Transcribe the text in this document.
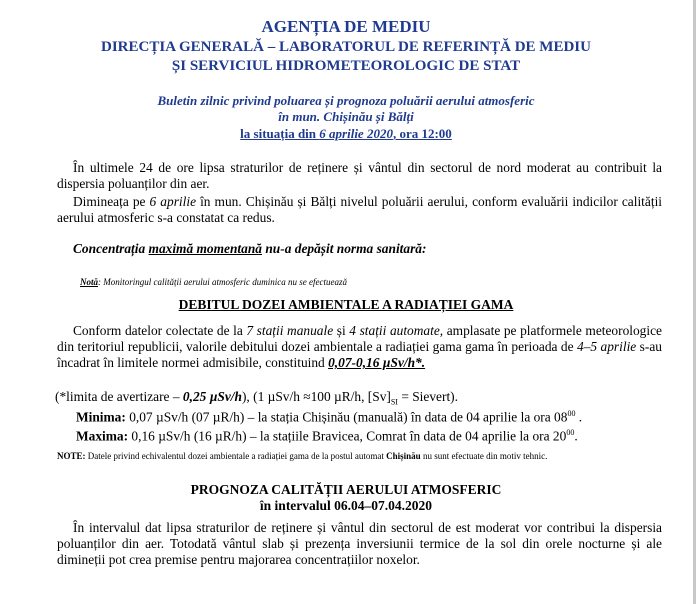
AGENȚIA DE MEDIU
DIRECȚIA GENERALĂ – LABORATORUL DE REFERINȚĂ DE MEDIU
ȘI SERVICIUL HIDROMETEOROLOGIC DE STAT
Buletin zilnic privind poluarea și prognoza poluării aerului atmosferic
în mun. Chișinău și Bălți
la situația din 6 aprilie 2020, ora 12:00
În ultimele 24 de ore lipsa straturilor de reținere și vântul din sectorul de nord moderat au contribuit la dispersia poluanților din aer.
Dimineața pe 6 aprilie în mun. Chișinău și Bălți nivelul poluării aerului, conform evaluării indicilor calității aerului atmosferic s-a constatat ca redus.
Concentrația maximă momentană nu-a depășit norma sanitară:
Notă: Monitoringul calității aerului atmosferic duminica nu se efectuează
DEBITUL DOZEI AMBIENTALE A RADIAȚIEI GAMA
Conform datelor colectate de la 7 stații manuale și 4 stații automate, amplasate pe platformele meteorologice din teritoriul republicii, valorile debitului dozei ambientale a radiației gama gama în perioada de 4–5 aprilie s-au încadrat în limitele normei admisibile, constituind 0,07-0,16 µSv/h*.
(*limita de avertizare – 0,25 µSv/h), (1 µSv/h ≈100 µR/h, $[Sv]_{SI}$ = Sievert).
Minima: 0,07 µSv/h (07 µR/h) – la stația Chișinău (manuală) în data de 04 aprilie la ora $08^{00}$ .
Maxima: 0,16 µSv/h (16 µR/h) – la stațiile Bravicea, Comrat în data de 04 aprilie la ora $20^{00}$.
NOTE: Datele privind echivalentul dozei ambientale a radiației gama de la postul automat Chișinău nu sunt efectuate din motiv tehnic.
PROGNOZA CALITĂȚII AERULUI ATMOSFERIC
în intervalul 06.04–07.04.2020
În intervalul dat lipsa straturilor de reținere și vântul din sectorul de est moderat vor contribui la dispersia poluanților din aer. Totodată vântul slab și prezența inversiunii termice de la sol din orele nocturne și ale dimineții pot crea premise pentru majorarea concentrațiilor noxelor.
